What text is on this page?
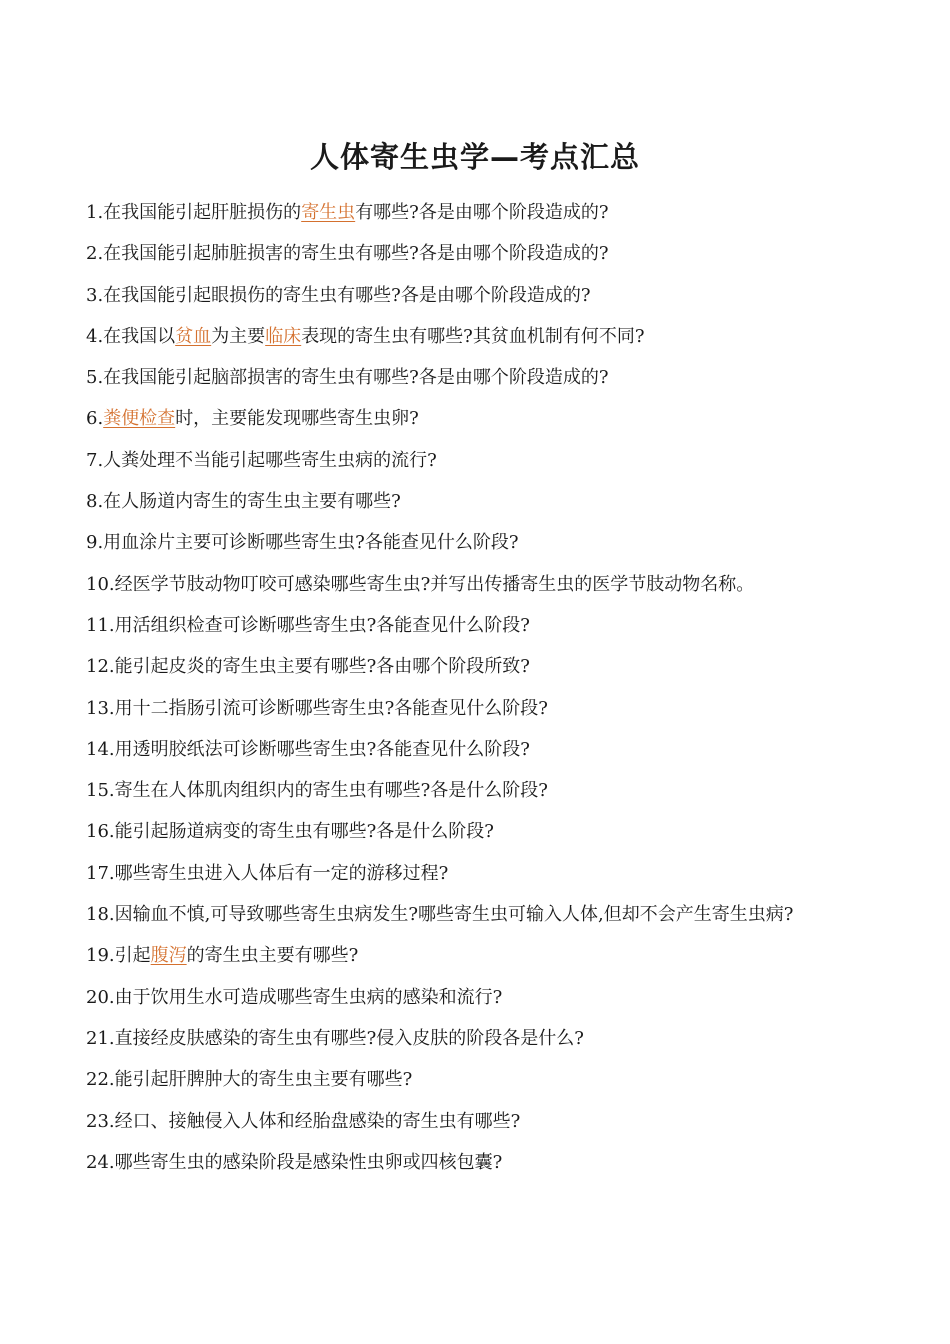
人体寄生虫学—考点汇总
1.在我国能引起肝脏损伤的寄生虫有哪些?各是由哪个阶段造成的?
2.在我国能引起肺脏损害的寄生虫有哪些?各是由哪个阶段造成的?
3.在我国能引起眼损伤的寄生虫有哪些?各是由哪个阶段造成的?
4.在我国以贫血为主要临床表现的寄生虫有哪些?其贫血机制有何不同?
5.在我国能引起脑部损害的寄生虫有哪些?各是由哪个阶段造成的?
6.粪便检查时，主要能发现哪些寄生虫卵?
7.人粪处理不当能引起哪些寄生虫病的流行?
8.在人肠道内寄生的寄生虫主要有哪些?
9.用血涂片主要可诊断哪些寄生虫?各能查见什么阶段?
10.经医学节肢动物叮咬可感染哪些寄生虫?并写出传播寄生虫的医学节肢动物名称。
11.用活组织检查可诊断哪些寄生虫?各能查见什么阶段?
12.能引起皮炎的寄生虫主要有哪些?各由哪个阶段所致?
13.用十二指肠引流可诊断哪些寄生虫?各能查见什么阶段?
14.用透明胶纸法可诊断哪些寄生虫?各能查见什么阶段?
15.寄生在人体肌肉组织内的寄生虫有哪些?各是什么阶段?
16.能引起肠道病变的寄生虫有哪些?各是什么阶段?
17.哪些寄生虫进入人体后有一定的游移过程?
18.因输血不慎,可导致哪些寄生虫病发生?哪些寄生虫可输入人体,但却不会产生寄生虫病?
19.引起腹泻的寄生虫主要有哪些?
20.由于饮用生水可造成哪些寄生虫病的感染和流行?
21.直接经皮肤感染的寄生虫有哪些?侵入皮肤的阶段各是什么?
22.能引起肝脾肿大的寄生虫主要有哪些?
23.经口、接触侵入人体和经胎盘感染的寄生虫有哪些?
24.哪些寄生虫的感染阶段是感染性虫卵或四核包囊?
